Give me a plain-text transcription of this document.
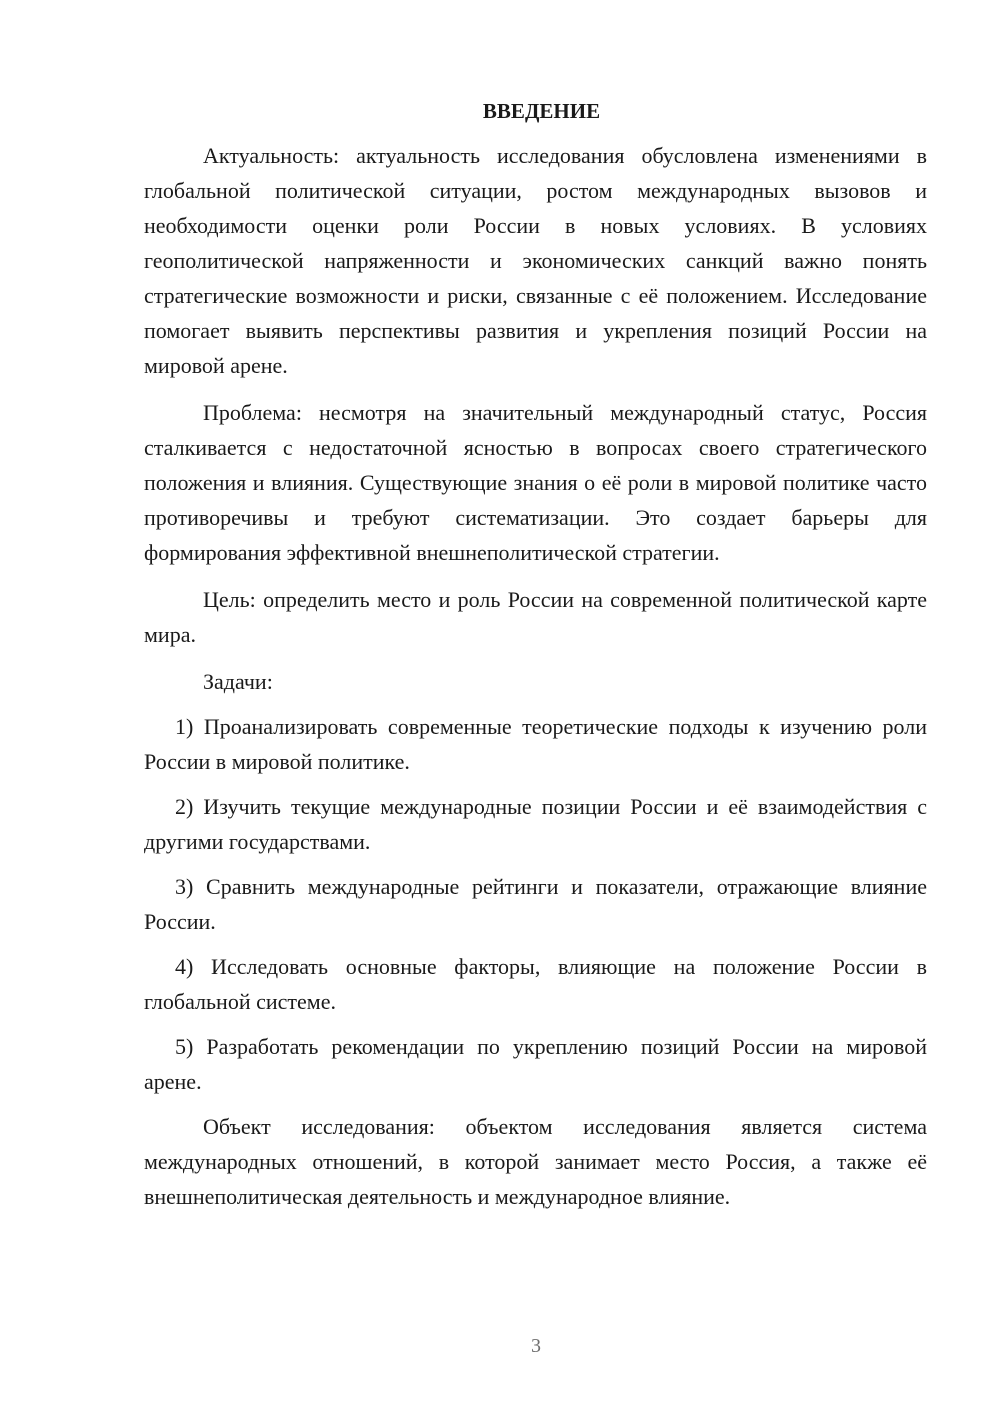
ВВЕДЕНИЕ

Актуальность: актуальность исследования обусловлена изменениями в глобальной политической ситуации, ростом международных вызовов и необходимости оценки роли России в новых условиях. В условиях геополитической напряженности и экономических санкций важно понять стратегические возможности и риски, связанные с её положением. Исследование помогает выявить перспективы развития и укрепления позиций России на мировой арене.

Проблема: несмотря на значительный международный статус, Россия сталкивается с недостаточной ясностью в вопросах своего стратегического положения и влияния. Существующие знания о её роли в мировой политике часто противоречивы и требуют систематизации. Это создает барьеры для формирования эффективной внешнеполитической стратегии.

Цель: определить место и роль России на современной политической карте мира.

Задачи:

1) Проанализировать современные теоретические подходы к изучению роли России в мировой политике.

2) Изучить текущие международные позиции России и её взаимодействия с другими государствами.

3) Сравнить международные рейтинги и показатели, отражающие влияние России.

4) Исследовать основные факторы, влияющие на положение России в глобальной системе.

5) Разработать рекомендации по укреплению позиций России на мировой арене.

Объект исследования: объектом исследования является система международных отношений, в которой занимает место Россия, а также её внешнеполитическая деятельность и международное влияние.

3
